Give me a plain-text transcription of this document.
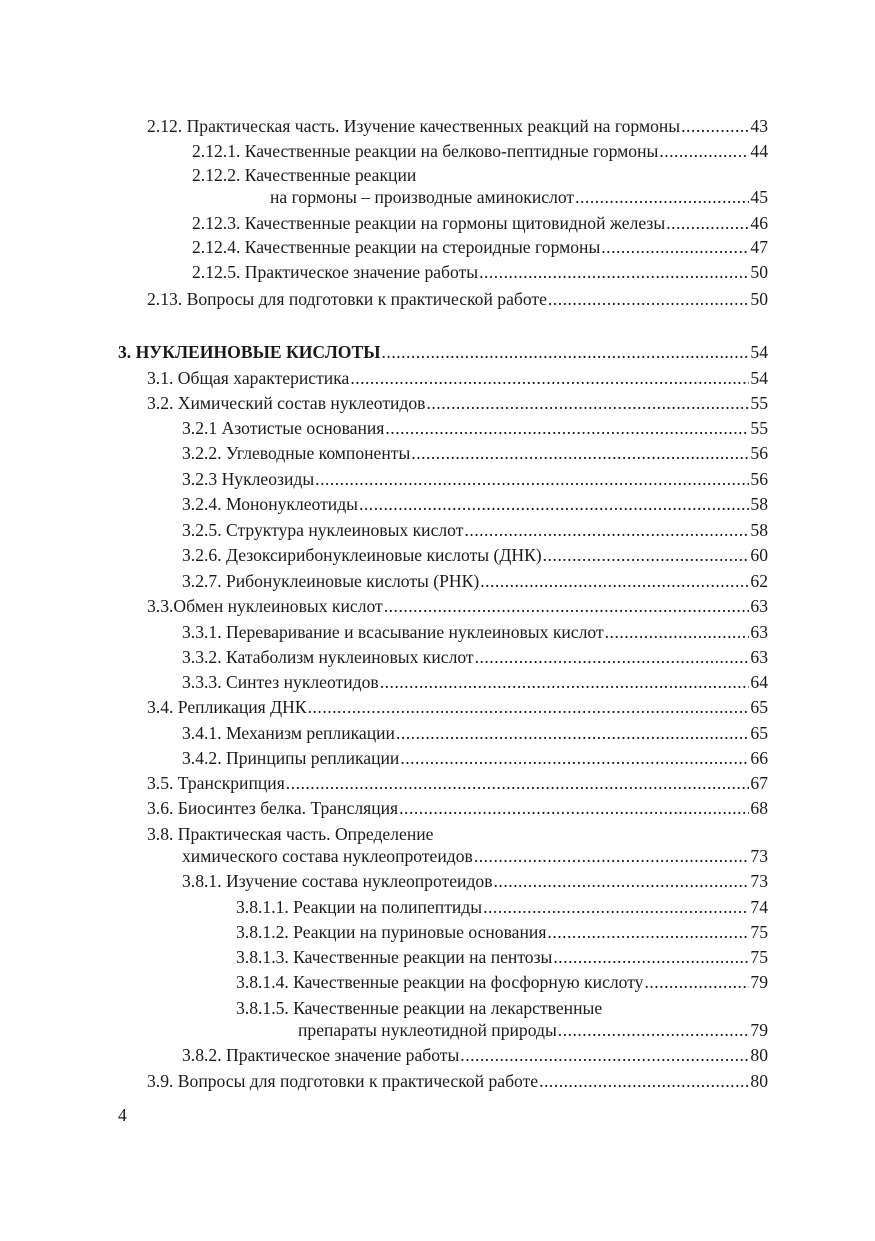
2.12. Практическая часть. Изучение качественных реакций на гормоны .....	43
2.12.1. Качественные реакции на белково-пептидные гормоны .....	44
2.12.2. Качественные реакции
на гормоны – производные аминокислот .....	45
2.12.3. Качественные реакции на гормоны щитовидной железы .....	46
2.12.4. Качественные реакции на стероидные гормоны .....	47
2.12.5. Практическое значение работы .....	50
2.13. Вопросы для подготовки к практической работе .....	50
3. НУКЛЕИНОВЫЕ КИСЛОТЫ .....	54
3.1. Общая характеристика .....	54
3.2. Химический состав нуклеотидов .....	55
3.2.1 Азотистые основания .....	55
3.2.2. Углеводные компоненты .....	56
3.2.3 Нуклеозиды .....	56
3.2.4. Мононуклеотиды .....	58
3.2.5. Структура нуклеиновых кислот .....	58
3.2.6. Дезоксирибонуклеиновые кислоты (ДНК) .....	60
3.2.7. Рибонуклеиновые кислоты (РНК) .....	62
3.3.Обмен нуклеиновых кислот .....	63
3.3.1. Переваривание и всасывание нуклеиновых кислот .....	63
3.3.2. Катаболизм нуклеиновых кислот .....	63
3.3.3. Синтез нуклеотидов .....	64
3.4. Репликация ДНК .....	65
3.4.1. Механизм репликации .....	65
3.4.2. Принципы репликации .....	66
3.5. Транскрипция .....	67
3.6. Биосинтез белка. Трансляция .....	68
3.8. Практическая часть. Определение
химического состава нуклеопротеидов .....	73
3.8.1. Изучение состава нуклеопротеидов .....	73
3.8.1.1. Реакции на полипептиды .....	74
3.8.1.2. Реакции на пуриновые основания .....	75
3.8.1.3. Качественные реакции на пентозы .....	75
3.8.1.4. Качественные реакции на фосфорную кислоту .....	79
3.8.1.5. Качественные реакции на лекарственные
препараты нуклеотидной природы .....	79
3.8.2. Практическое значение работы .....	80
3.9. Вопросы для подготовки к практической работе .....	80
4
